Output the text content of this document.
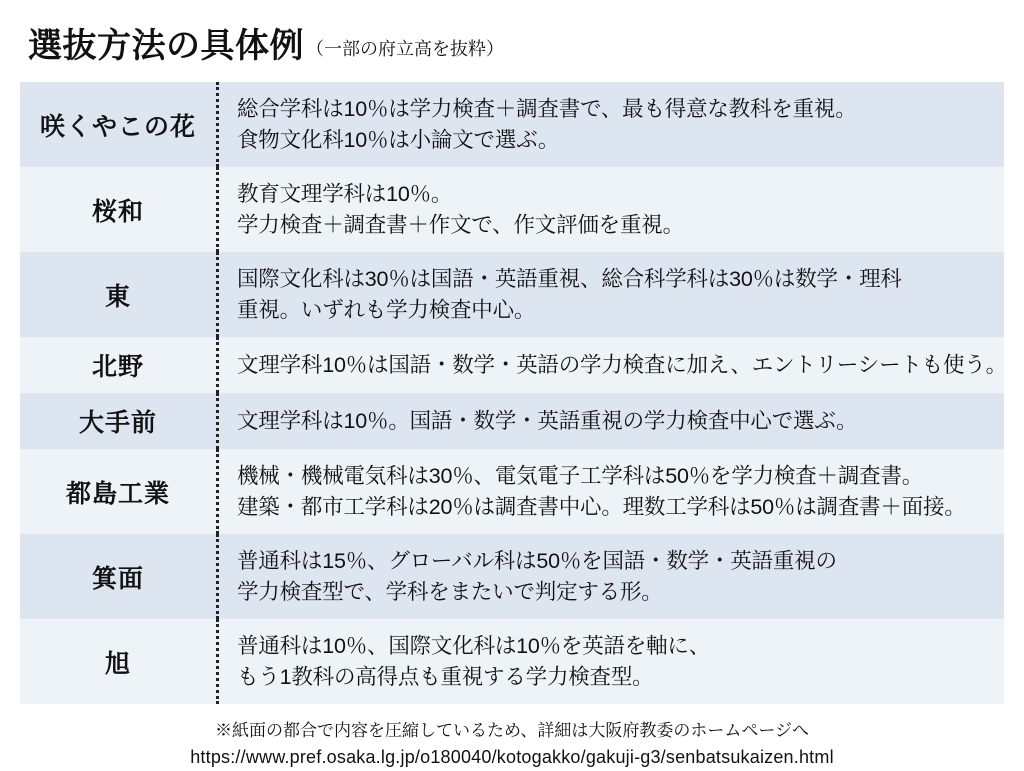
選抜方法の具体例 （一部の府立高を抜粋）
咲くやこの花
総合学科は10％は学力検査＋調査書で、最も得意な教科を重視。
食物文化科10％は小論文で選ぶ。
桜和
教育文理学科は10％。
学力検査＋調査書＋作文で、作文評価を重視。
東
国際文化科は30％は国語・英語重視、総合科学科は30％は数学・理科
重視。いずれも学力検査中心。
北野	文理学科10％は国語・数学・英語の学力検査に加え、エントリーシートも使う。
大手前	文理学科は10％。国語・数学・英語重視の学力検査中心で選ぶ。
都島工業
機械・機械電気科は30％、電気電子工学科は50％を学力検査＋調査書。
建築・都市工学科は20％は調査書中心。理数工学科は50％は調査書＋面接。
箕面
普通科は15％、グローバル科は50％を国語・数学・英語重視の
学力検査型で、学科をまたいで判定する形。
旭
普通科は10％、国際文化科は10％を英語を軸に、
もう1教科の高得点も重視する学力検査型。
※紙面の都合で内容を圧縮しているため、詳細は大阪府教委のホームページへ
https://www.pref.osaka.lg.jp/o180040/kotogakko/gakuji-g3/senbatsukaizen.html
